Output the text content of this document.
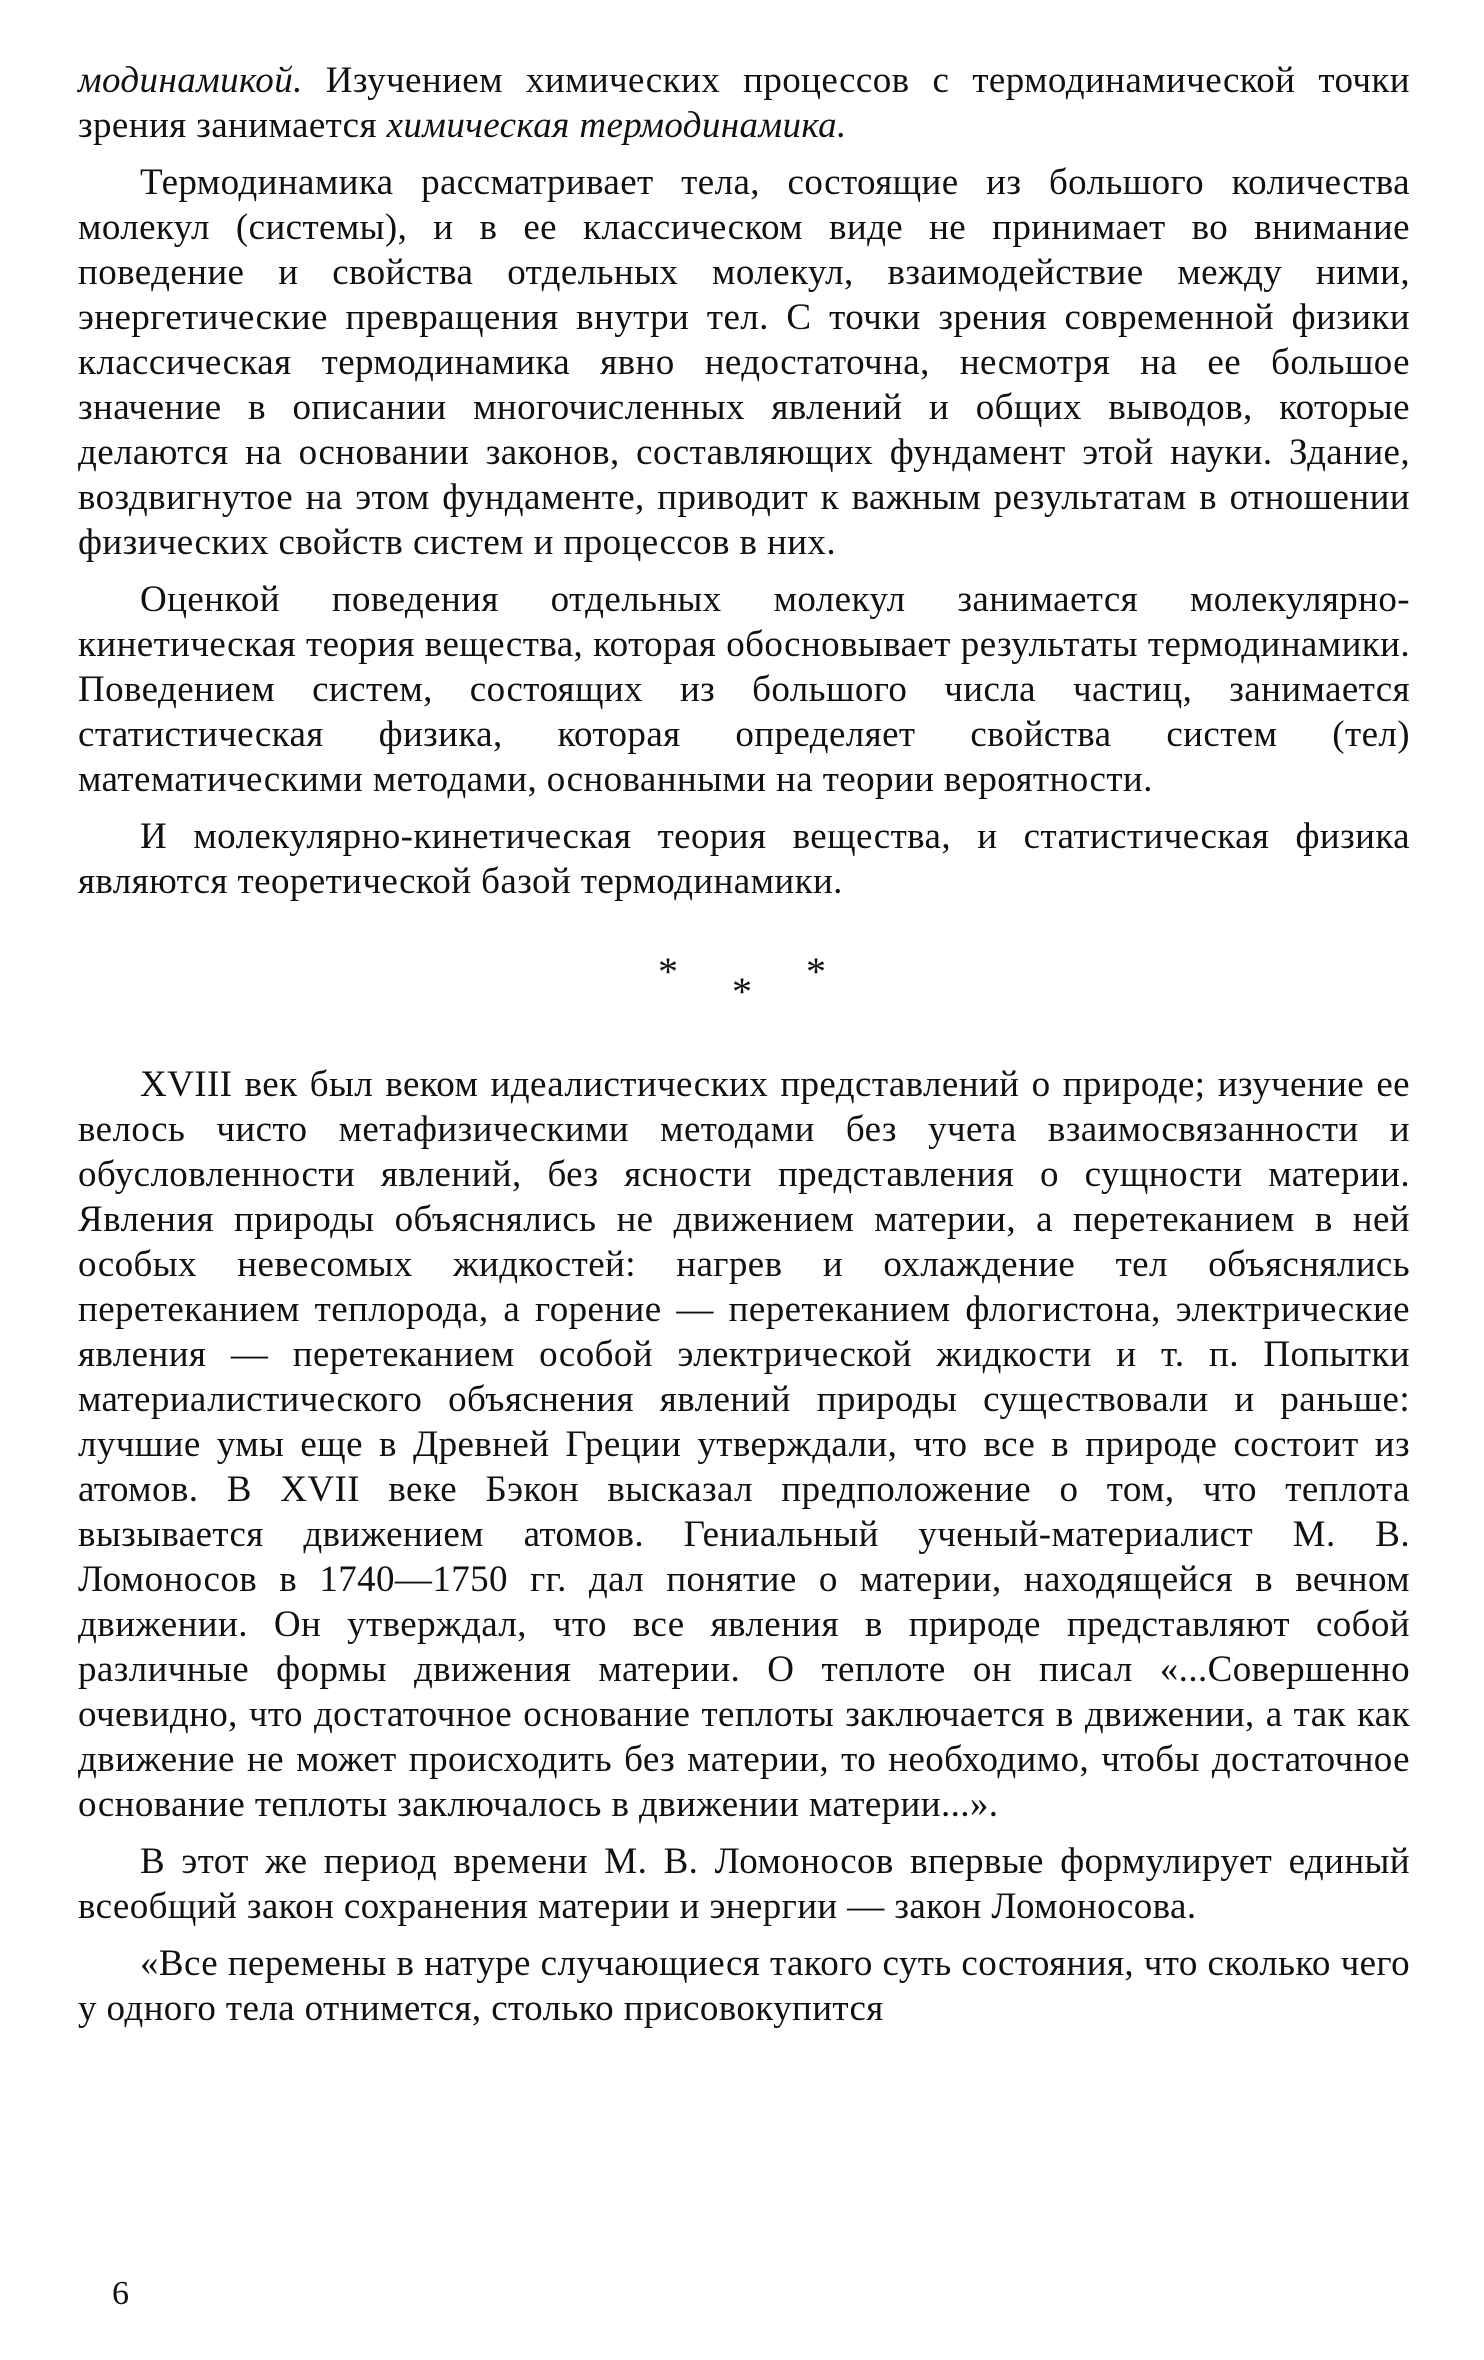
модинамикой. Изучением химических процессов с термодинамической точки зрения занимается химическая термодинамика.

Термодинамика рассматривает тела, состоящие из большого количества молекул (системы), и в ее классическом виде не принимает во внимание поведение и свойства отдельных молекул, взаимодействие между ними, энергетические превращения внутри тел. С точки зрения современной физики классическая термодинамика явно недостаточна, несмотря на ее большое значение в описании многочисленных явлений и общих выводов, которые делаются на основании законов, составляющих фундамент этой науки. Здание, воздвигнутое на этом фундаменте, приводит к важным результатам в отношении физических свойств систем и процессов в них.

Оценкой поведения отдельных молекул занимается молекулярно-кинетическая теория вещества, которая обосновывает результаты термодинамики. Поведением систем, состоящих из большого числа частиц, занимается статистическая физика, которая определяет свойства систем (тел) математическими методами, основанными на теории вероятности.

И молекулярно-кинетическая теория вещества, и статистическая физика являются теоретической базой термодинамики.

* * *

XVIII век был веком идеалистических представлений о природе; изучение ее велось чисто метафизическими методами без учета взаимосвязанности и обусловленности явлений, без ясности представления о сущности материи. Явления природы объяснялись не движением материи, а перетеканием в ней особых невесомых жидкостей: нагрев и охлаждение тел объяснялись перетеканием теплорода, а горение — перетеканием флогистона, электрические явления — перетеканием особой электрической жидкости и т. п. Попытки материалистического объяснения явлений природы существовали и раньше: лучшие умы еще в Древней Греции утверждали, что все в природе состоит из атомов. В XVII веке Бэкон высказал предположение о том, что теплота вызывается движением атомов. Гениальный ученый-материалист М. В. Ломоносов в 1740—1750 гг. дал понятие о материи, находящейся в вечном движении. Он утверждал, что все явления в природе представляют собой различные формы движения материи. О теплоте он писал «...Совершенно очевидно, что достаточное основание теплоты заключается в движении, а так как движение не может происходить без материи, то необходимо, чтобы достаточное основание теплоты заключалось в движении материи...».

В этот же период времени М. В. Ломоносов впервые формулирует единый всеобщий закон сохранения материи и энергии — закон Ломоносова.

«Все перемены в натуре случающиеся такого суть состояния, что сколько чего у одного тела отнимется, столько присовокупится

6
